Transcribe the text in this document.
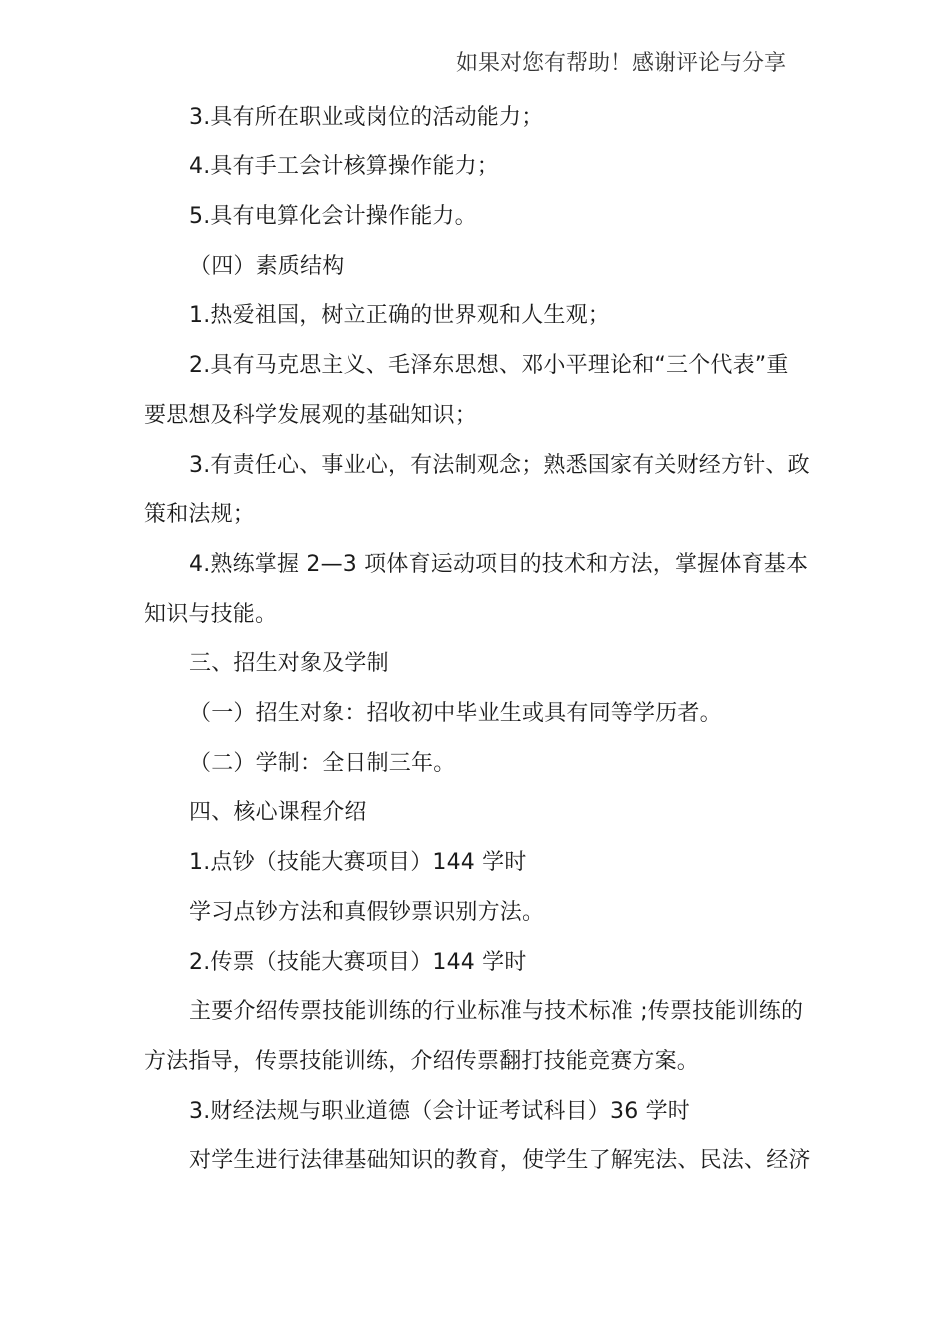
如果对您有帮助！感谢评论与分享
3.具有所在职业或岗位的活动能力；
4.具有手工会计核算操作能力；
5.具有电算化会计操作能力。
（四）素质结构
1.热爱祖国，树立正确的世界观和人生观；
2.具有马克思主义、毛泽东思想、邓小平理论和“三个代表”重
要思想及科学发展观的基础知识；
3.有责任心、事业心，有法制观念；熟悉国家有关财经方针、政
策和法规；
4.熟练掌握 2—3 项体育运动项目的技术和方法，掌握体育基本
知识与技能。
三、招生对象及学制
（一）招生对象：招收初中毕业生或具有同等学历者。
（二）学制：全日制三年。
四、核心课程介绍
1.点钞（技能大赛项目）144 学时
学习点钞方法和真假钞票识别方法。
2.传票（技能大赛项目）144 学时
主要介绍传票技能训练的行业标准与技术标准 ;传票技能训练的
方法指导，传票技能训练，介绍传票翻打技能竞赛方案。
3.财经法规与职业道德（会计证考试科目）36 学时
对学生进行法律基础知识的教育，使学生了解宪法、民法、经济
